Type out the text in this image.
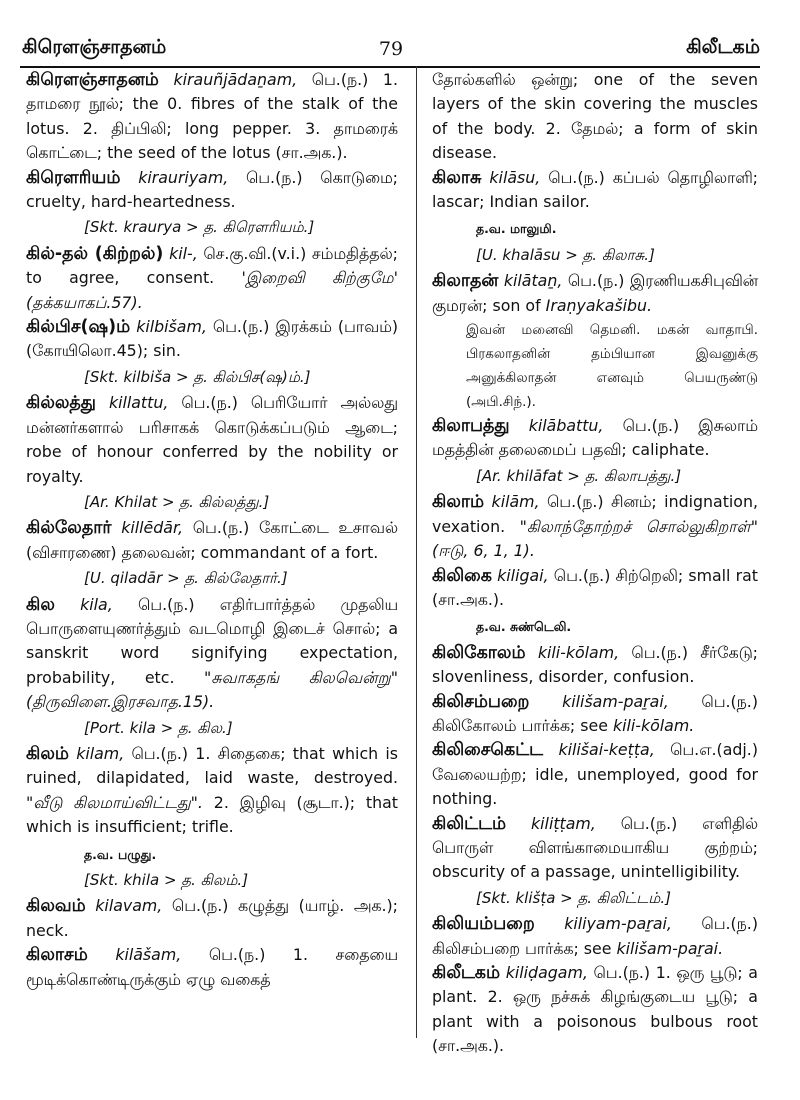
கிரௌஞ்சாதனம்	79	கிலீடகம்

கிரௌஞ்சாதனம் kirauñjādaṉam, பெ.(ந.) 1. தாமரை நூல்; the 0. fibres of the stalk of the lotus. 2. திப்பிலி; long pepper. 3. தாமரைக் கொட்டை; the seed of the lotus (சா.அக.).

கிரௌரியம் kirauriyam, பெ.(ந.) கொடுமை; cruelty, hard-heartedness.

[Skt. kraurya > த. கிரௌரியம்.]

கில்-தல் (கிற்றல்) kil-, செ.கு.வி.(v.i.) சம்மதித்தல்; to agree, consent. 'இறைவி கிற்குமே' (தக்கயாகப்.57).

கில்பிச(ஷ)ம் kilbišam, பெ.(ந.) இரக்கம் (பாவம்) (கோயிலொ.45); sin.

[Skt. kilbiša > த. கில்பிச(ஷ)ம்.]

கில்லத்து killattu, பெ.(ந.) பெரியோர் அல்லது மன்னர்களால் பரிசாகக் கொடுக்கப்படும் ஆடை; robe of honour conferred by the nobility or royalty.

[Ar. Khilat > த. கில்லத்து.]

கில்லேதார் killēdār, பெ.(ந.) கோட்டை உசாவல் (விசாரணை) தலைவன்; commandant of a fort.

[U. qiladār > த. கில்லேதார்.]

கில kila, பெ.(ந.) எதிர்பார்த்தல் முதலிய பொருளையுணர்த்தும் வடமொழி இடைச் சொல்; a sanskrit word signifying expectation, probability, etc. "சுவாகதங் கிலவென்று" (திருவிளை.இரசவாத.15).

[Port. kila > த. கில.]

கிலம் kilam, பெ.(ந.) 1. சிதைகை; that which is ruined, dilapidated, laid waste, destroyed. "வீடு கிலமாய்விட்டது". 2. இழிவு (சூடா.); that which is insufficient; trifle.

த.வ. பழுது.
[Skt. khila > த. கிலம்.]

கிலவம் kilavam, பெ.(ந.) கழுத்து (யாழ். அக.); neck.

கிலாசம் kilāšam, பெ.(ந.) 1. சதையை மூடிக்கொண்டிருக்கும் ஏழு வகைத்

தோல்களில் ஒன்று; one of the seven layers of the skin covering the muscles of the body. 2. தேமல்; a form of skin disease.

கிலாசு kilāsu, பெ.(ந.) கப்பல் தொழிலாளி; lascar; Indian sailor.

த.வ. மாலுமி.
[U. khalāsu > த. கிலாசு.]

கிலாதன் kilātaṉ, பெ.(ந.) இரணியகசிபுவின் குமரன்; son of Iraṇyakašibu.

இவன் மனைவி தெமனி. மகன் வாதாபி. பிரகலாதனின் தம்பியான இவனுக்கு அனுக்கிலாதன் எனவும் பெயருண்டு (அபி.சிந்.).

கிலாபத்து kilābattu, பெ.(ந.) இசுலாம் மதத்தின் தலைமைப் பதவி; caliphate.

[Ar. khilāfat > த. கிலாபத்து.]

கிலாம் kilām, பெ.(ந.) சினம்; indignation, vexation. "கிலாந்தோற்றச் சொல்லுகிறாள்" (ஈடு, 6, 1, 1).

கிலிகை kiligai, பெ.(ந.) சிற்றெலி; small rat (சா.அக.).

த.வ. சுண்டெலி.

கிலிகோலம் kili-kōlam, பெ.(ந.) சீர்கேடு; slovenliness, disorder, confusion.

கிலிசம்பறை kilišam-paṟai, பெ.(ந.) கிலிகோலம் பார்க்க; see kili-kōlam.

கிலிசைகெட்ட kilišai-keṭṭa, பெ.எ.(adj.) வேலையற்ற; idle, unemployed, good for nothing.

கிலிட்டம் kiliṭṭam, பெ.(ந.) எளிதில் பொருள் விளங்காமையாகிய குற்றம்; obscurity of a passage, unintelligibility.

[Skt. klišṭa > த. கிலிட்டம்.]

கிலியம்பறை kiliyam-paṟai, பெ.(ந.) கிலிசம்பறை பார்க்க; see kilišam-paṟai.

கிலீடகம் kiliḍagam, பெ.(ந.) 1. ஒரு பூடு; a plant. 2. ஒரு நச்சுக் கிழங்குடைய பூடு; a plant with a poisonous bulbous root (சா.அக.).
